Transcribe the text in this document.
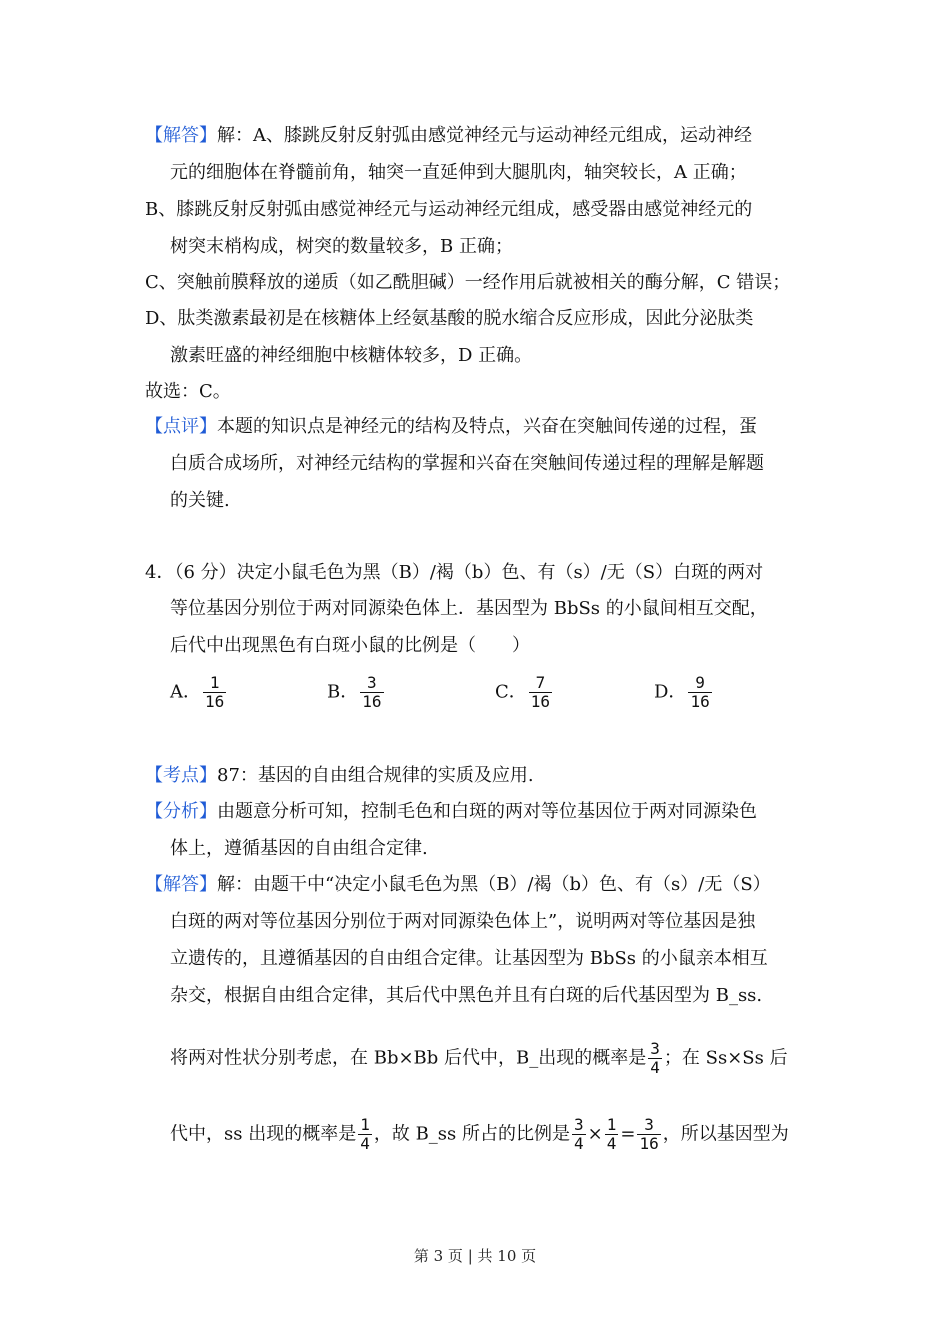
【解答】解：A、膝跳反射反射弧由感觉神经元与运动神经元组成，运动神经
元的细胞体在脊髓前角，轴突一直延伸到大腿肌肉，轴突较长，A 正确；
B、膝跳反射反射弧由感觉神经元与运动神经元组成，感受器由感觉神经元的
树突末梢构成，树突的数量较多，B 正确；
C、突触前膜释放的递质（如乙酰胆碱）一经作用后就被相关的酶分解，C 错误；
D、肽类激素最初是在核糖体上经氨基酸的脱水缩合反应形成，因此分泌肽类
激素旺盛的神经细胞中核糖体较多，D 正确。
故选：C。
【点评】本题的知识点是神经元的结构及特点，兴奋在突触间传递的过程，蛋
白质合成场所，对神经元结构的掌握和兴奋在突触间传递过程的理解是解题
的关键.
4．（6 分）决定小鼠毛色为黑（B）/褐（b）色、有（s）/无（S）白斑的两对
等位基因分别位于两对同源染色体上．基因型为 BbSs 的小鼠间相互交配，
后代中出现黑色有白斑小鼠的比例是（　　）
A． $\frac{1}{16}$	B． $\frac{3}{16}$	C． $\frac{7}{16}$	D． $\frac{9}{16}$
【考点】87：基因的自由组合规律的实质及应用.
【分析】由题意分析可知，控制毛色和白斑的两对等位基因位于两对同源染色
体上，遵循基因的自由组合定律.
【解答】解：由题干中“决定小鼠毛色为黑（B）/褐（b）色、有（s）/无（S）
白斑的两对等位基因分别位于两对同源染色体上”，说明两对等位基因是独
立遗传的，且遵循基因的自由组合定律。让基因型为 BbSs 的小鼠亲本相互
杂交，根据自由组合定律，其后代中黑色并且有白斑的后代基因型为 B_ss.
将两对性状分别考虑，在 Bb×Bb 后代中，B_出现的概率是 $\frac{3}{4}$ ；在 Ss×Ss 后
代中，ss 出现的概率是 $\frac{1}{4}$ ，故 B_ss 所占的比例是 $\frac{3}{4} \times \frac{1}{4} = \frac{3}{16}$ ，所以基因型为
第 3 页 | 共 10 页
